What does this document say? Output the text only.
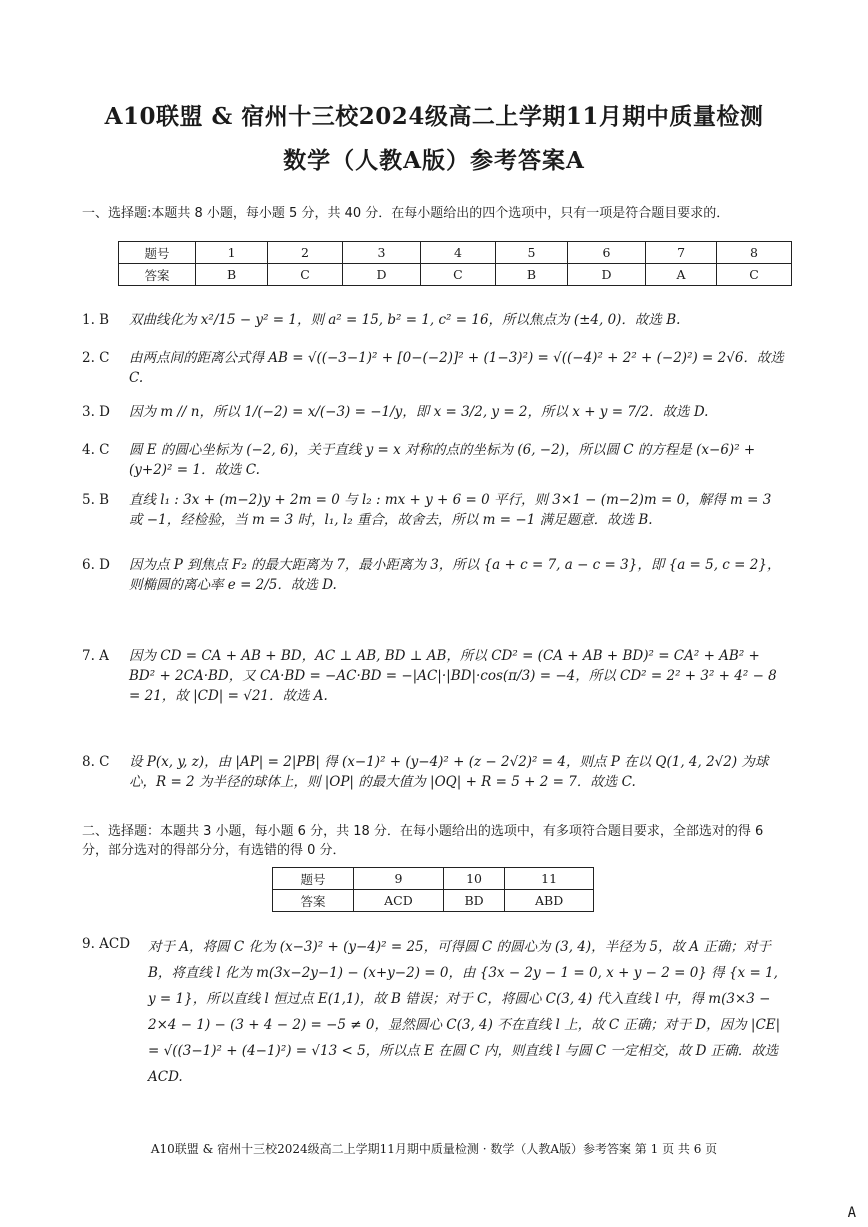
A10联盟 & 宿州十三校2024级高二上学期11月期中质量检测
数学（人教A版）参考答案A
一、选择题:本题共 8 小题，每小题 5 分，共 40 分．在每小题给出的四个选项中，只有一项是符合题目要求的．
题号	1	2	3	4	5	6	7	8
答案	B	C	D	C	B	D	A	C
1. B	双曲线化为 x²/15 − y² = 1，则 a² = 15, b² = 1, c² = 16，所以焦点为 (±4, 0)．故选 B.
2. C	由两点间的距离公式得 AB = √((−3−1)² + [0−(−2)]² + (1−3)²) = √((−4)² + 2² + (−2)²) = 2√6．故选 C.
3. D	因为 m // n，所以 1/(−2) = x/(−3) = −1/y，即 x = 3/2, y = 2，所以 x + y = 7/2．故选 D.
4. C	圆 E 的圆心坐标为 (−2, 6)，关于直线 y = x 对称的点的坐标为 (6, −2)，所以圆 C 的方程是 (x−6)² + (y+2)² = 1．故选 C.
5. B	直线 l₁ : 3x + (m−2)y + 2m = 0 与 l₂ : mx + y + 6 = 0 平行，则 3×1 − (m−2)m = 0，解得 m = 3 或 −1，经检验，当 m = 3 时，l₁, l₂ 重合，故舍去，所以 m = −1 满足题意．故选 B.
6. D	因为点 P 到焦点 F₂ 的最大距离为 7，最小距离为 3，所以 {a + c = 7, a − c = 3}，即 {a = 5, c = 2}，则椭圆的离心率 e = 2/5．故选 D.
7. A	因为 CD = CA + AB + BD，AC ⊥ AB, BD ⊥ AB，所以 CD² = (CA + AB + BD)² = CA² + AB² + BD² + 2CA·BD，又 CA·BD = −AC·BD = −|AC|·|BD|·cos(π/3) = −4，所以 CD² = 2² + 3² + 4² − 8 = 21，故 |CD| = √21．故选 A.
8. C	设 P(x, y, z)，由 |AP| = 2|PB| 得 (x−1)² + (y−4)² + (z − 2√2)² = 4，则点 P 在以 Q(1, 4, 2√2) 为球心，R = 2 为半径的球体上，则 |OP| 的最大值为 |OQ| + R = 5 + 2 = 7．故选 C.
二、选择题：本题共 3 小题，每小题 6 分，共 18 分．在每小题给出的选项中，有多项符合题目要求，全部选对的得 6 分，部分选对的得部分分，有选错的得 0 分．
题号	9	10	11
答案	ACD	BD	ABD
9. ACD	对于 A，将圆 C 化为 (x−3)² + (y−4)² = 25，可得圆 C 的圆心为 (3, 4)，半径为 5，故 A 正确；对于 B，将直线 l 化为 m(3x−2y−1) − (x+y−2) = 0，由 {3x − 2y − 1 = 0, x + y − 2 = 0} 得 {x = 1, y = 1}，所以直线 l 恒过点 E(1,1)，故 B 错误；对于 C，将圆心 C(3, 4) 代入直线 l 中，得 m(3×3 − 2×4 − 1) − (3 + 4 − 2) = −5 ≠ 0，显然圆心 C(3, 4) 不在直线 l 上，故 C 正确；对于 D，因为 |CE| = √((3−1)² + (4−1)²) = √13 < 5，所以点 E 在圆 C 内，则直线 l 与圆 C 一定相交，故 D 正确．故选 ACD.
A10联盟 & 宿州十三校2024级高二上学期11月期中质量检测 · 数学（人教A版）参考答案 第 1 页 共 6 页
A
